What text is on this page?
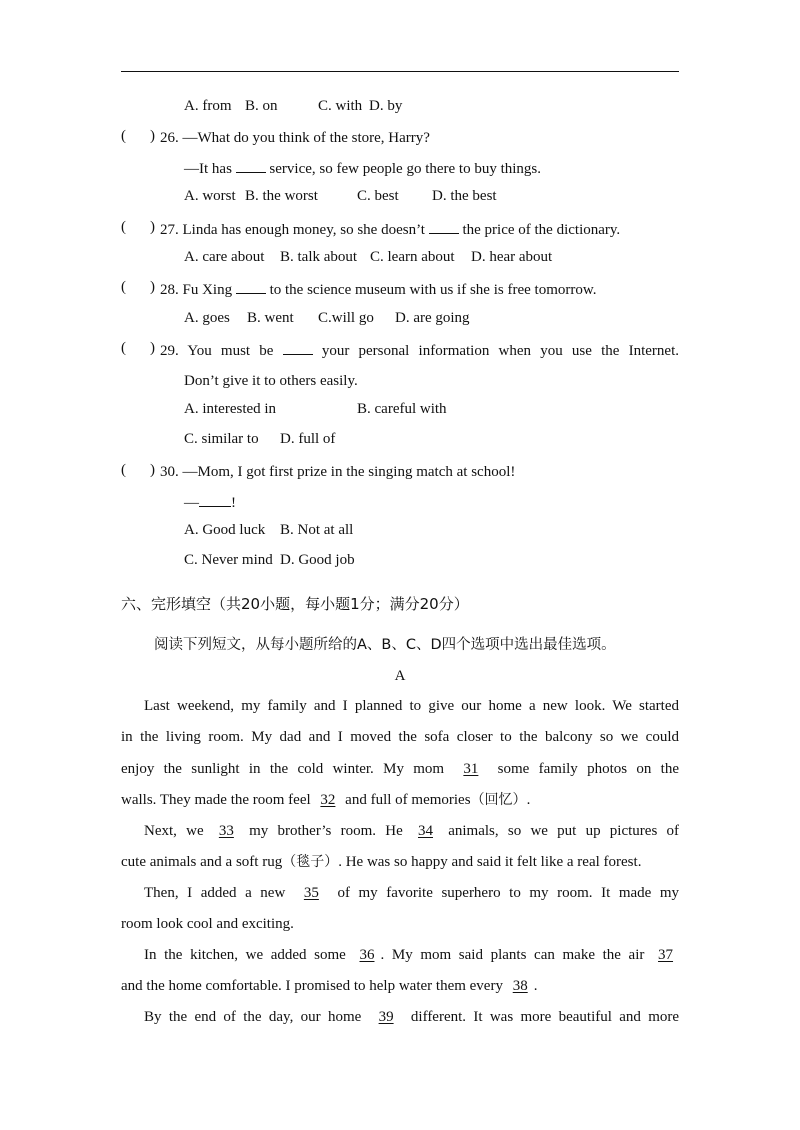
A. from B. on	C. with D. by
( ) 26. —What do you think of the store, Harry?
—It has	service, so few people go there to buy things.
A. worst B. the worst	C. best D. the best
( ) 27. Linda has enough money, so she doesn’t	the price of the dictionary.
A. care about B. talk about C. learn about D. hear about
( ) 28. Fu Xing	to the science museum with us if she is free tomorrow.
A. goes B. went C.will go D. are going
( ) 29. You must be	your personal information when you use the Internet.
Don’t give it to others easily.
A. interested in	B. careful with
C. similar to D. full of
( ) 30. —Mom, I got first prize in the singing match at school!
— !
A. Good luck B. Not at all
C. Never mind D. Good job
六、完形填空（共20小题，每小题1分；满分20分）
阅读下列短文，从每小题所给的A、B、C、D四个选项中选出最佳选项。
A
Last weekend, my family and I planned to give our home a new look. We started
in the living room. My dad and I moved the sofa closer to the balcony so we could
enjoy the sunlight in the cold winter. My mom 31 some family photos on the
walls. They made the room feel 32 and full of memories（回忆）.
Next, we 33 my brother’s room. He 34 animals, so we put up pictures of
cute animals and a soft rug（毯子）. He was so happy and said it felt like a real forest.
Then, I added a new 35 of my favorite superhero to my room. It made my
room look cool and exciting.
In the kitchen, we added some 36 . My mom said plants can make the air 37
and the home comfortable. I promised to help water them every 38 .
By the end of the day, our home 39 different. It was more beautiful and more
